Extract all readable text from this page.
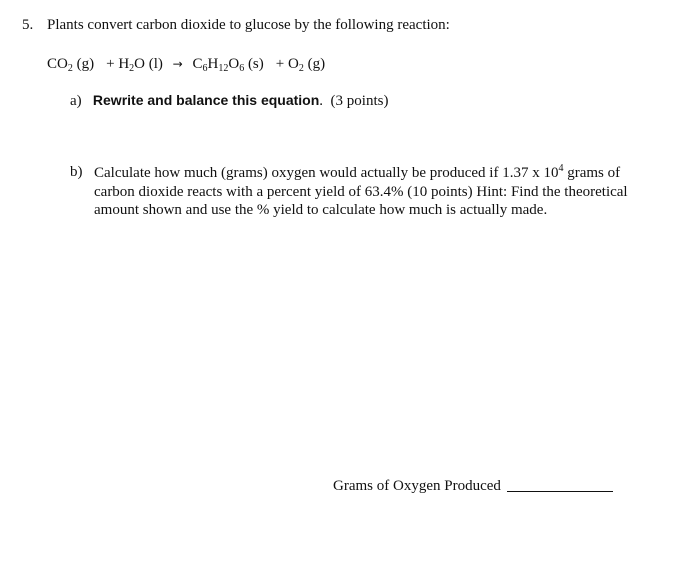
5. Plants convert carbon dioxide to glucose by the following reaction:
$CO_2$ $(g) + H_2O$ $(l) \to C_6H_{12}O_6$ $(s) + O_2$ (g)
a) Rewrite and balance this equation. (3 points)
b) Calculate how much (grams) oxygen would actually be produced if 1.37 x $10^4$ grams of carbon dioxide reacts with a percent yield of 63.4% (10 points) Hint: Find the theoretical amount shown and use the % yield to calculate how much is actually made.
Grams of Oxygen Produced
